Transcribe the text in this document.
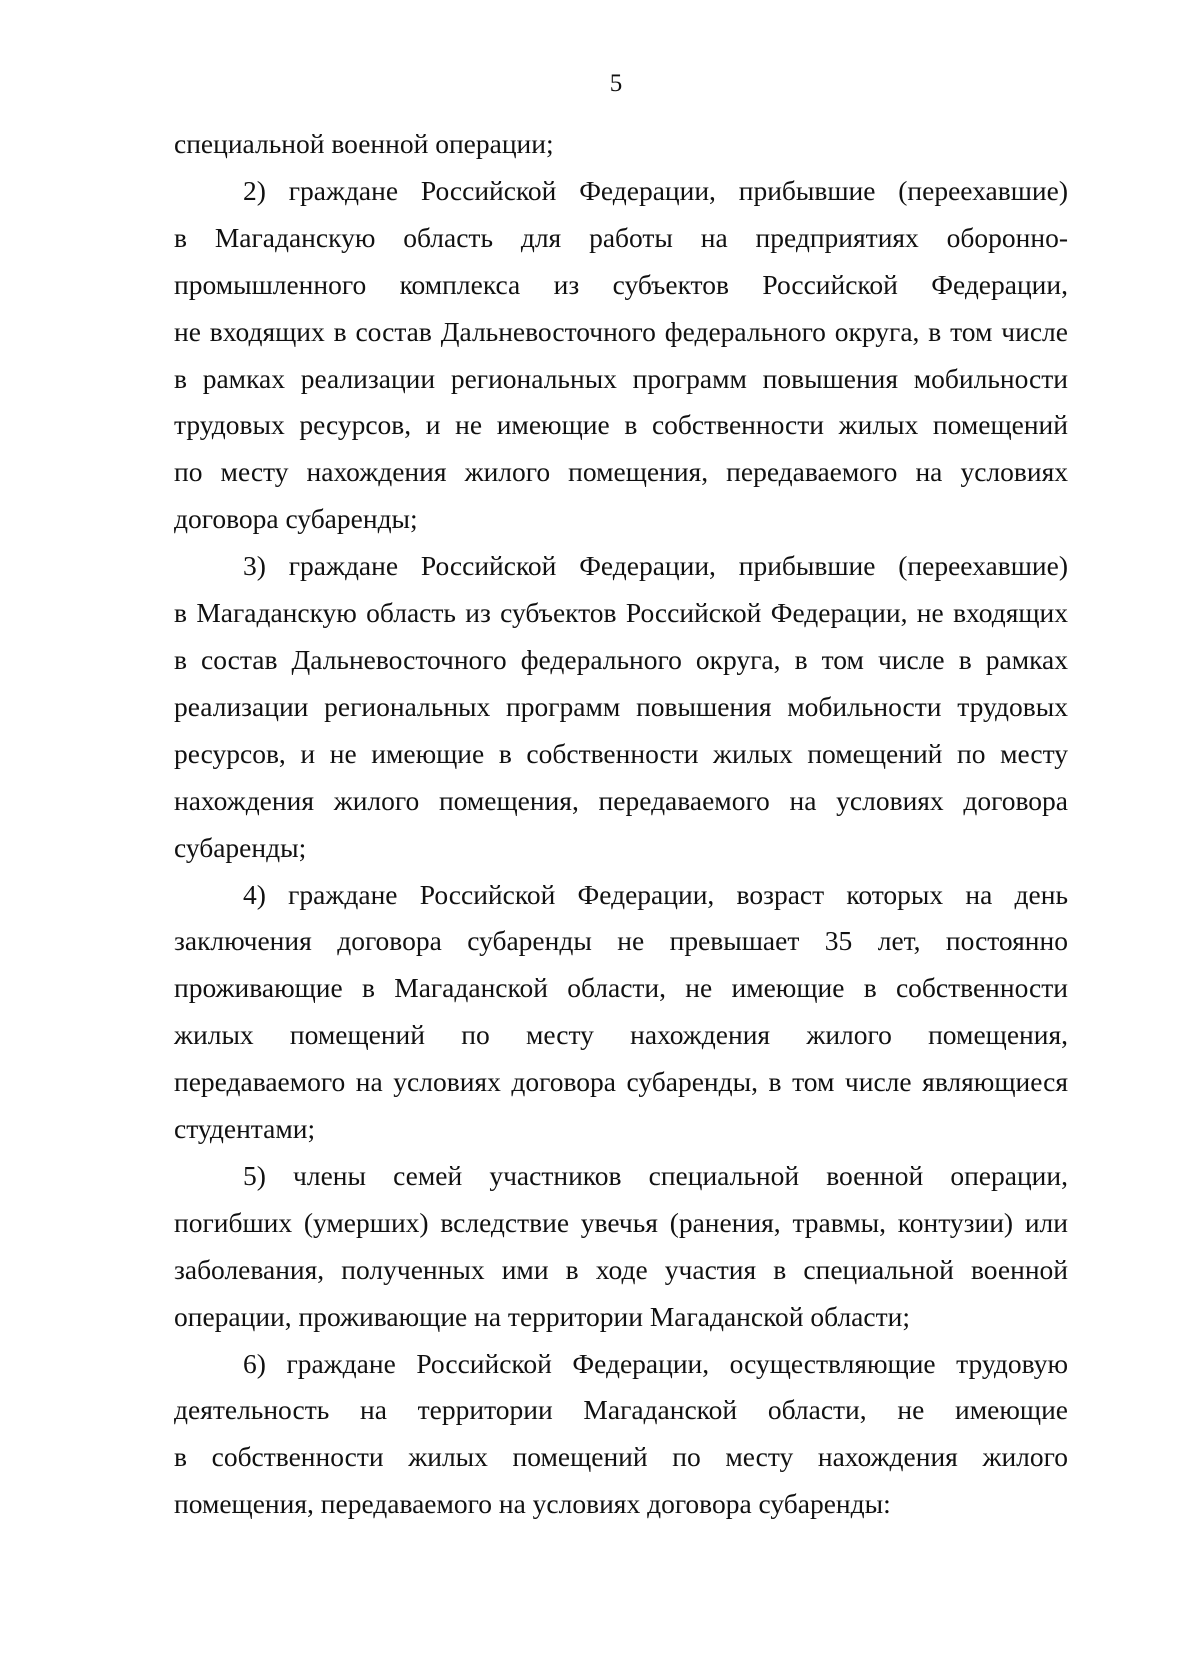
5
специальной военной операции;
2) граждане Российской Федерации, прибывшие (переехавшие)
в Магаданскую область для работы на предприятиях оборонно-
промышленного комплекса из субъектов Российской Федерации,
не входящих в состав Дальневосточного федерального округа, в том числе
в рамках реализации региональных программ повышения мобильности
трудовых ресурсов, и не имеющие в собственности жилых помещений
по месту нахождения жилого помещения, передаваемого на условиях
договора субаренды;
3) граждане Российской Федерации, прибывшие (переехавшие)
в Магаданскую область из субъектов Российской Федерации, не входящих
в состав Дальневосточного федерального округа, в том числе в рамках
реализации региональных программ повышения мобильности трудовых
ресурсов, и не имеющие в собственности жилых помещений по месту
нахождения жилого помещения, передаваемого на условиях договора
субаренды;
4) граждане Российской Федерации, возраст которых на день
заключения договора субаренды не превышает 35 лет, постоянно
проживающие в Магаданской области, не имеющие в собственности
жилых помещений по месту нахождения жилого помещения,
передаваемого на условиях договора субаренды, в том числе являющиеся
студентами;
5) члены семей участников специальной военной операции,
погибших (умерших) вследствие увечья (ранения, травмы, контузии) или
заболевания, полученных ими в ходе участия в специальной военной
операции, проживающие на территории Магаданской области;
6) граждане Российской Федерации, осуществляющие трудовую
деятельность на территории Магаданской области, не имеющие
в собственности жилых помещений по месту нахождения жилого
помещения, передаваемого на условиях договора субаренды:
